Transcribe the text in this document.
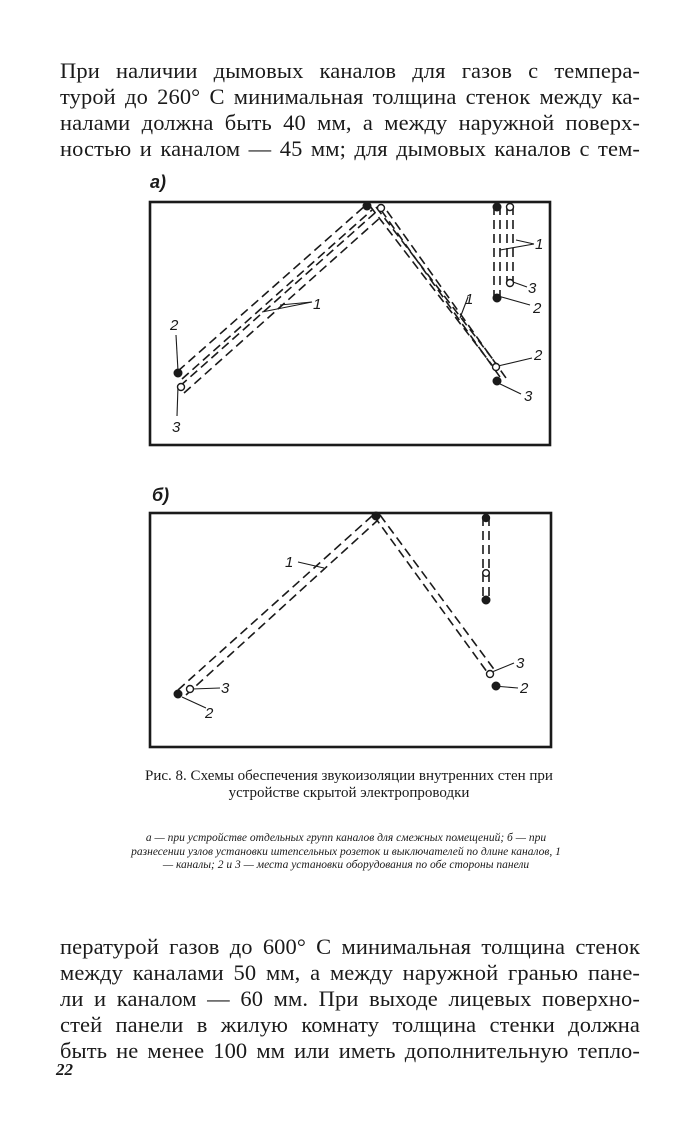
При наличии дымовых каналов для газов с темпера-
турой до 260° С минимальная толщина стенок между ка-
налами должна быть 40 мм, а между наружной поверх-
ностью и каналом — 45 мм; для дымовых каналов с тем-
а)
б)
1	1
1
2
3
3
2
2
3
1
3
2
3
2
Рис. 8. Схемы обеспечения звукоизоляции внутренних стен при устройстве скрытой электропроводки
а — при устройстве отдельных групп каналов для смежных помещений; б — при разнесении узлов установки штепсельных розеток и выключателей по длине каналов, 1 — каналы; 2 и 3 — места установки оборудования по обе стороны панели
пературой газов до 600° С минимальная толщина стенок
между каналами 50 мм, а между наружной гранью пане-
ли и каналом — 60 мм. При выходе лицевых поверхно-
стей панели в жилую комнату толщина стенки должна
быть не менее 100 мм или иметь дополнительную тепло-
22
